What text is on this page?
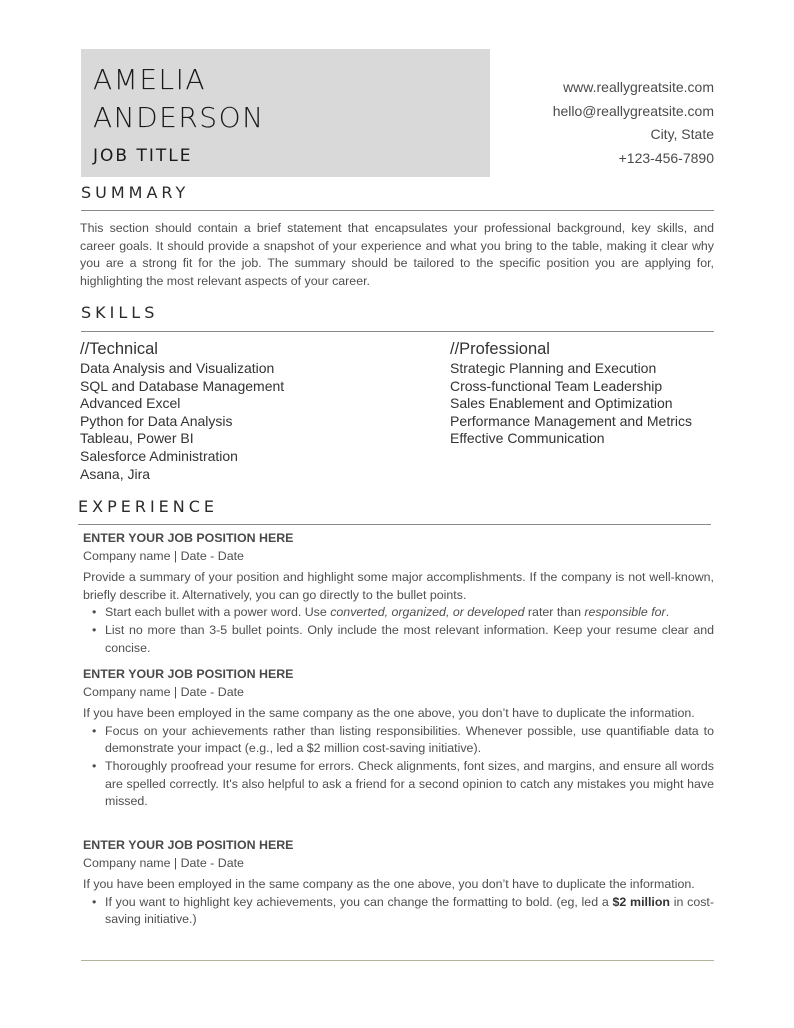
AMELIA
ANDERSON
JOB TITLE
www.reallygreatsite.com
hello@reallygreatsite.com
City, State
+123-456-7890
SUMMARY
This section should contain a brief statement that encapsulates your professional background, key skills, and career goals. It should provide a snapshot of your experience and what you bring to the table, making it clear why you are a strong fit for the job. The summary should be tailored to the specific position you are applying for, highlighting the most relevant aspects of your career.
SKILLS
//Technical
Data Analysis and Visualization
SQL and Database Management
Advanced Excel
Python for Data Analysis
Tableau, Power BI
Salesforce Administration
Asana, Jira
//Professional
Strategic Planning and Execution
Cross-functional Team Leadership
Sales Enablement and Optimization
Performance Management and Metrics
Effective Communication
EXPERIENCE
ENTER YOUR JOB POSITION HERE
Company name | Date - Date
Provide a summary of your position and highlight some major accomplishments. If the company is not well-known, briefly describe it. Alternatively, you can go directly to the bullet points.
• Start each bullet with a power word. Use converted, organized, or developed rater than responsible for.
• List no more than 3-5 bullet points. Only include the most relevant information. Keep your resume clear and concise.
ENTER YOUR JOB POSITION HERE
Company name | Date - Date
If you have been employed in the same company as the one above, you don’t have to duplicate the information.
• Focus on your achievements rather than listing responsibilities. Whenever possible, use quantifiable data to demonstrate your impact (e.g., led a $2 million cost-saving initiative).
• Thoroughly proofread your resume for errors. Check alignments, font sizes, and margins, and ensure all words are spelled correctly. It's also helpful to ask a friend for a second opinion to catch any mistakes you might have missed.
ENTER YOUR JOB POSITION HERE
Company name | Date - Date
If you have been employed in the same company as the one above, you don’t have to duplicate the information.
• If you want to highlight key achievements, you can change the formatting to bold. (eg, led a $2 million in cost-saving initiative.)
